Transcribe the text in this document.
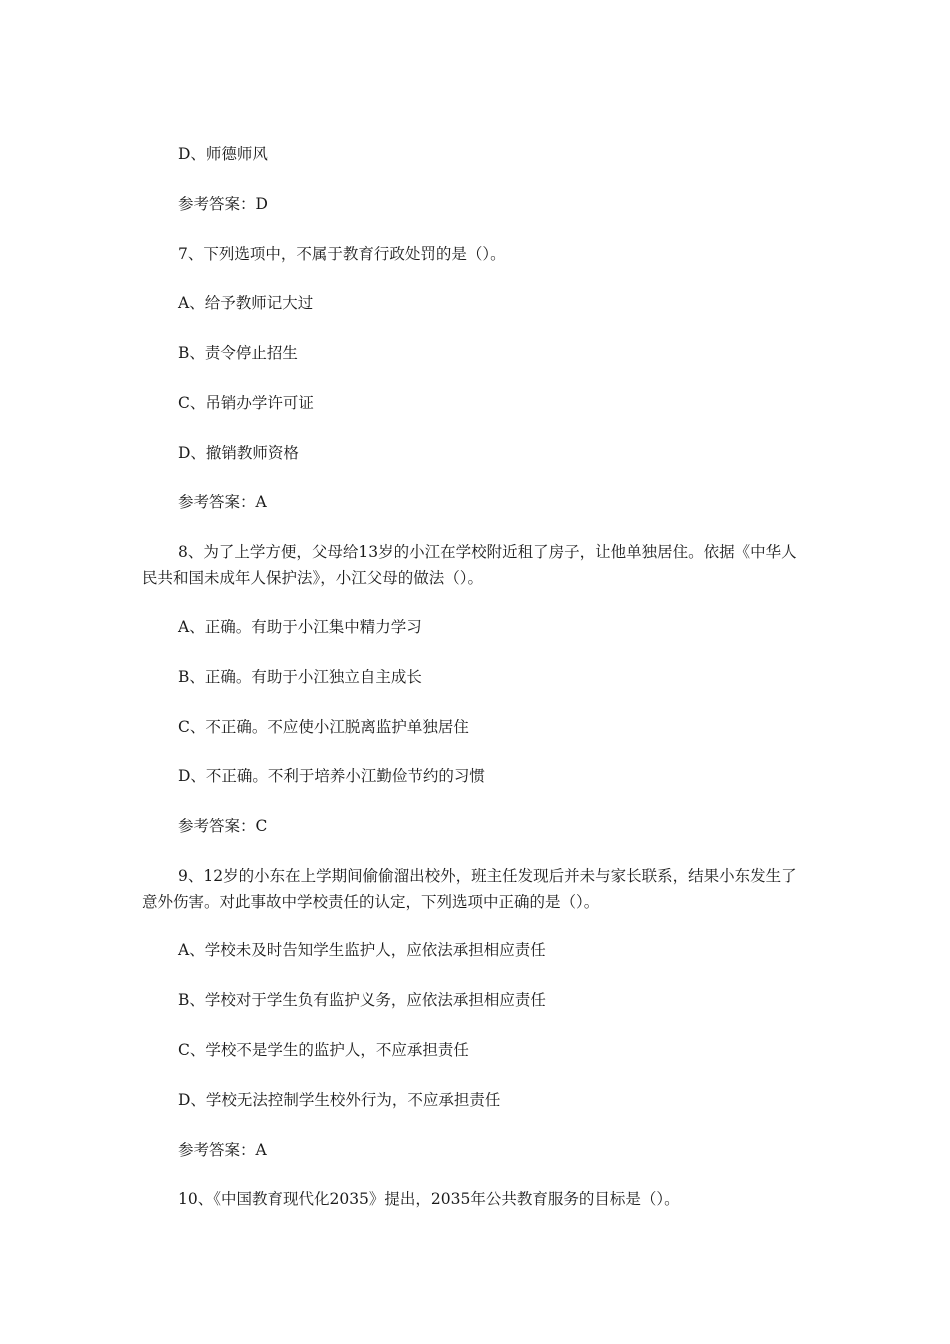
D、师德师风
参考答案：D
7、下列选项中，不属于教育行政处罚的是（）。
A、给予教师记大过
B、责令停止招生
C、吊销办学许可证
D、撤销教师资格
参考答案：A
8、为了上学方便，父母给13岁的小江在学校附近租了房子，让他单独居住。依据《中华人民共和国未成年人保护法》，小江父母的做法（）。
A、正确。有助于小江集中精力学习
B、正确。有助于小江独立自主成长
C、不正确。不应使小江脱离监护单独居住
D、不正确。不利于培养小江勤俭节约的习惯
参考答案：C
9、12岁的小东在上学期间偷偷溜出校外，班主任发现后并未与家长联系，结果小东发生了意外伤害。对此事故中学校责任的认定，下列选项中正确的是（）。
A、学校未及时告知学生监护人，应依法承担相应责任
B、学校对于学生负有监护义务，应依法承担相应责任
C、学校不是学生的监护人，不应承担责任
D、学校无法控制学生校外行为，不应承担责任
参考答案：A
10、《中国教育现代化2035》提出，2035年公共教育服务的目标是（）。
